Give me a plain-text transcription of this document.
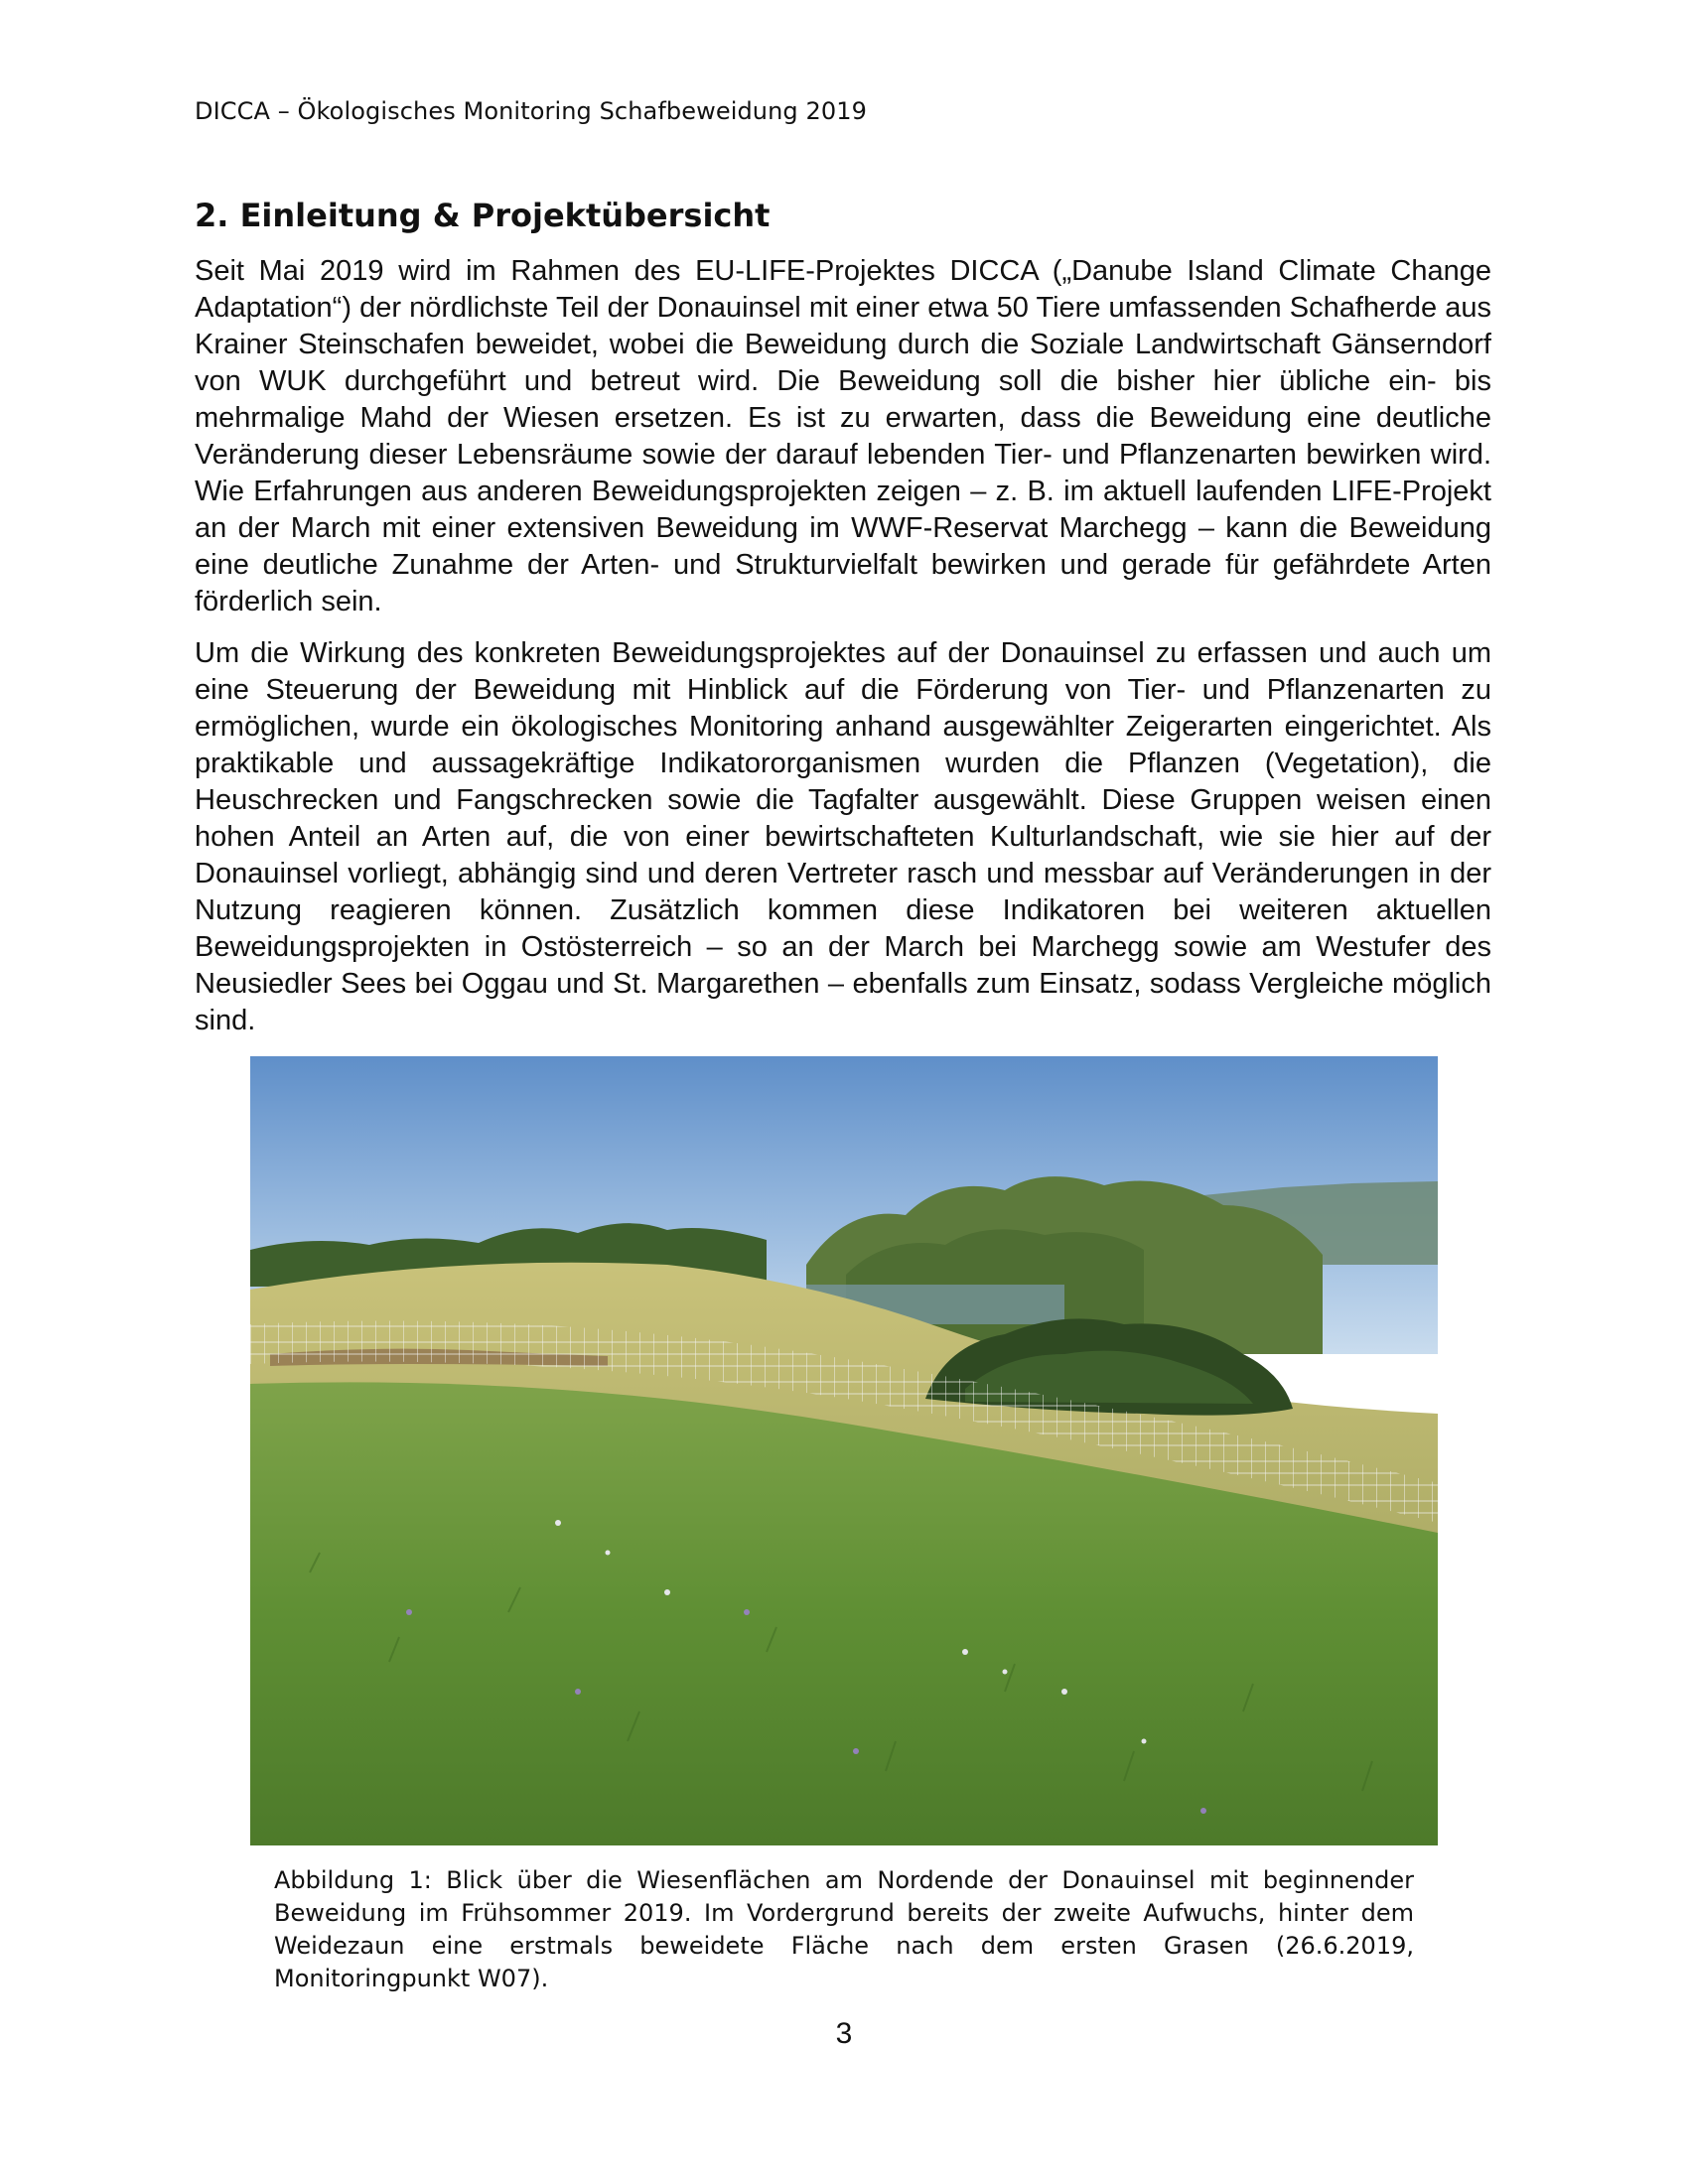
DICCA – Ökologisches Monitoring Schafbeweidung 2019
2. Einleitung & Projektübersicht

Seit Mai 2019 wird im Rahmen des EU-LIFE-Projektes DICCA („Danube Island Climate Change Adaptation“) der nördlichste Teil der Donauinsel mit einer etwa 50 Tiere umfassenden Schafherde aus Krainer Steinschafen beweidet, wobei die Beweidung durch die Soziale Landwirtschaft Gänserndorf von WUK durchgeführt und betreut wird. Die Beweidung soll die bisher hier übliche ein- bis mehrmalige Mahd der Wiesen ersetzen. Es ist zu erwarten, dass die Beweidung eine deutliche Veränderung dieser Lebensräume sowie der darauf lebenden Tier- und Pflanzenarten bewirken wird. Wie Erfahrungen aus anderen Beweidungsprojekten zeigen – z. B. im aktuell laufenden LIFE-Projekt an der March mit einer extensiven Beweidung im WWF-Reservat Marchegg – kann die Beweidung eine deutliche Zunahme der Arten- und Strukturvielfalt bewirken und gerade für gefährdete Arten förderlich sein.

Um die Wirkung des konkreten Beweidungsprojektes auf der Donauinsel zu erfassen und auch um eine Steuerung der Beweidung mit Hinblick auf die Förderung von Tier- und Pflanzenarten zu ermöglichen, wurde ein ökologisches Monitoring anhand ausgewählter Zeigerarten eingerichtet. Als praktikable und aussagekräftige Indikatororganismen wurden die Pflanzen (Vegetation), die Heuschrecken und Fangschrecken sowie die Tagfalter ausgewählt. Diese Gruppen weisen einen hohen Anteil an Arten auf, die von einer bewirtschafteten Kulturlandschaft, wie sie hier auf der Donauinsel vorliegt, abhängig sind und deren Vertreter rasch und messbar auf Veränderungen in der Nutzung reagieren können. Zusätzlich kommen diese Indikatoren bei weiteren aktuellen Beweidungsprojekten in Ostösterreich – so an der March bei Marchegg sowie am Westufer des Neusiedler Sees bei Oggau und St. Margarethen – ebenfalls zum Einsatz, sodass Vergleiche möglich sind.

Abbildung 1: Blick über die Wiesenflächen am Nordende der Donauinsel mit beginnender Beweidung im Frühsommer 2019. Im Vordergrund bereits der zweite Aufwuchs, hinter dem Weidezaun eine erstmals beweidete Fläche nach dem ersten Grasen (26.6.2019, Monitoringpunkt W07).

3
